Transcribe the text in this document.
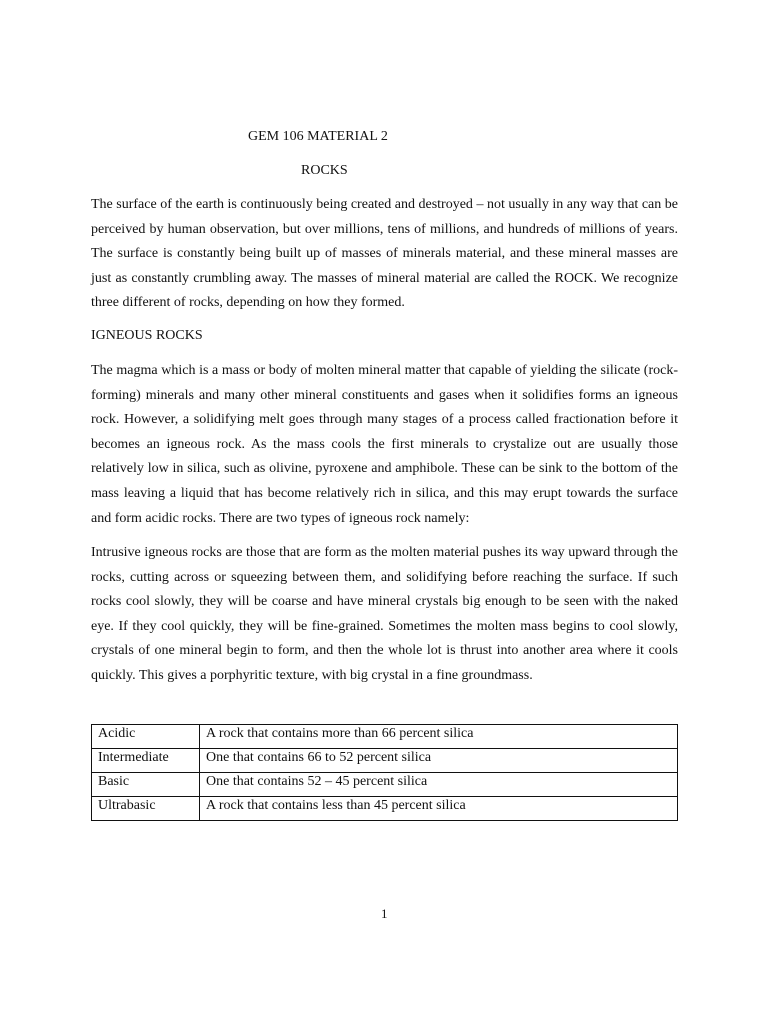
GEM 106 MATERIAL 2
ROCKS

The surface of the earth is continuously being created and destroyed – not usually in any way that can be perceived by human observation, but over millions, tens of millions, and hundreds of millions of years. The surface is constantly being built up of masses of minerals material, and these mineral masses are just as constantly crumbling away. The masses of mineral material are called the ROCK. We recognize three different of rocks, depending on how they formed.

IGNEOUS ROCKS

The magma which is a mass or body of molten mineral matter that capable of yielding the silicate (rock-forming) minerals and many other mineral constituents and gases when it solidifies forms an igneous rock. However, a solidifying melt goes through many stages of a process called fractionation before it becomes an igneous rock. As the mass cools the first minerals to crystalize out are usually those relatively low in silica, such as olivine, pyroxene and amphibole. These can be sink to the bottom of the mass leaving a liquid that has become relatively rich in silica, and this may erupt towards the surface and form acidic rocks. There are two types of igneous rock namely:

Intrusive igneous rocks are those that are form as the molten material pushes its way upward through the rocks, cutting across or squeezing between them, and solidifying before reaching the surface. If such rocks cool slowly, they will be coarse and have mineral crystals big enough to be seen with the naked eye. If they cool quickly, they will be fine-grained. Sometimes the molten mass begins to cool slowly, crystals of one mineral begin to form, and then the whole lot is thrust into another area where it cools quickly. This gives a porphyritic texture, with big crystal in a fine groundmass.

Acidic	A rock that contains more than 66 percent silica
Intermediate	One that contains 66 to 52 percent silica
Basic	One that contains 52 – 45 percent silica
Ultrabasic	A rock that contains less than 45 percent silica
1
